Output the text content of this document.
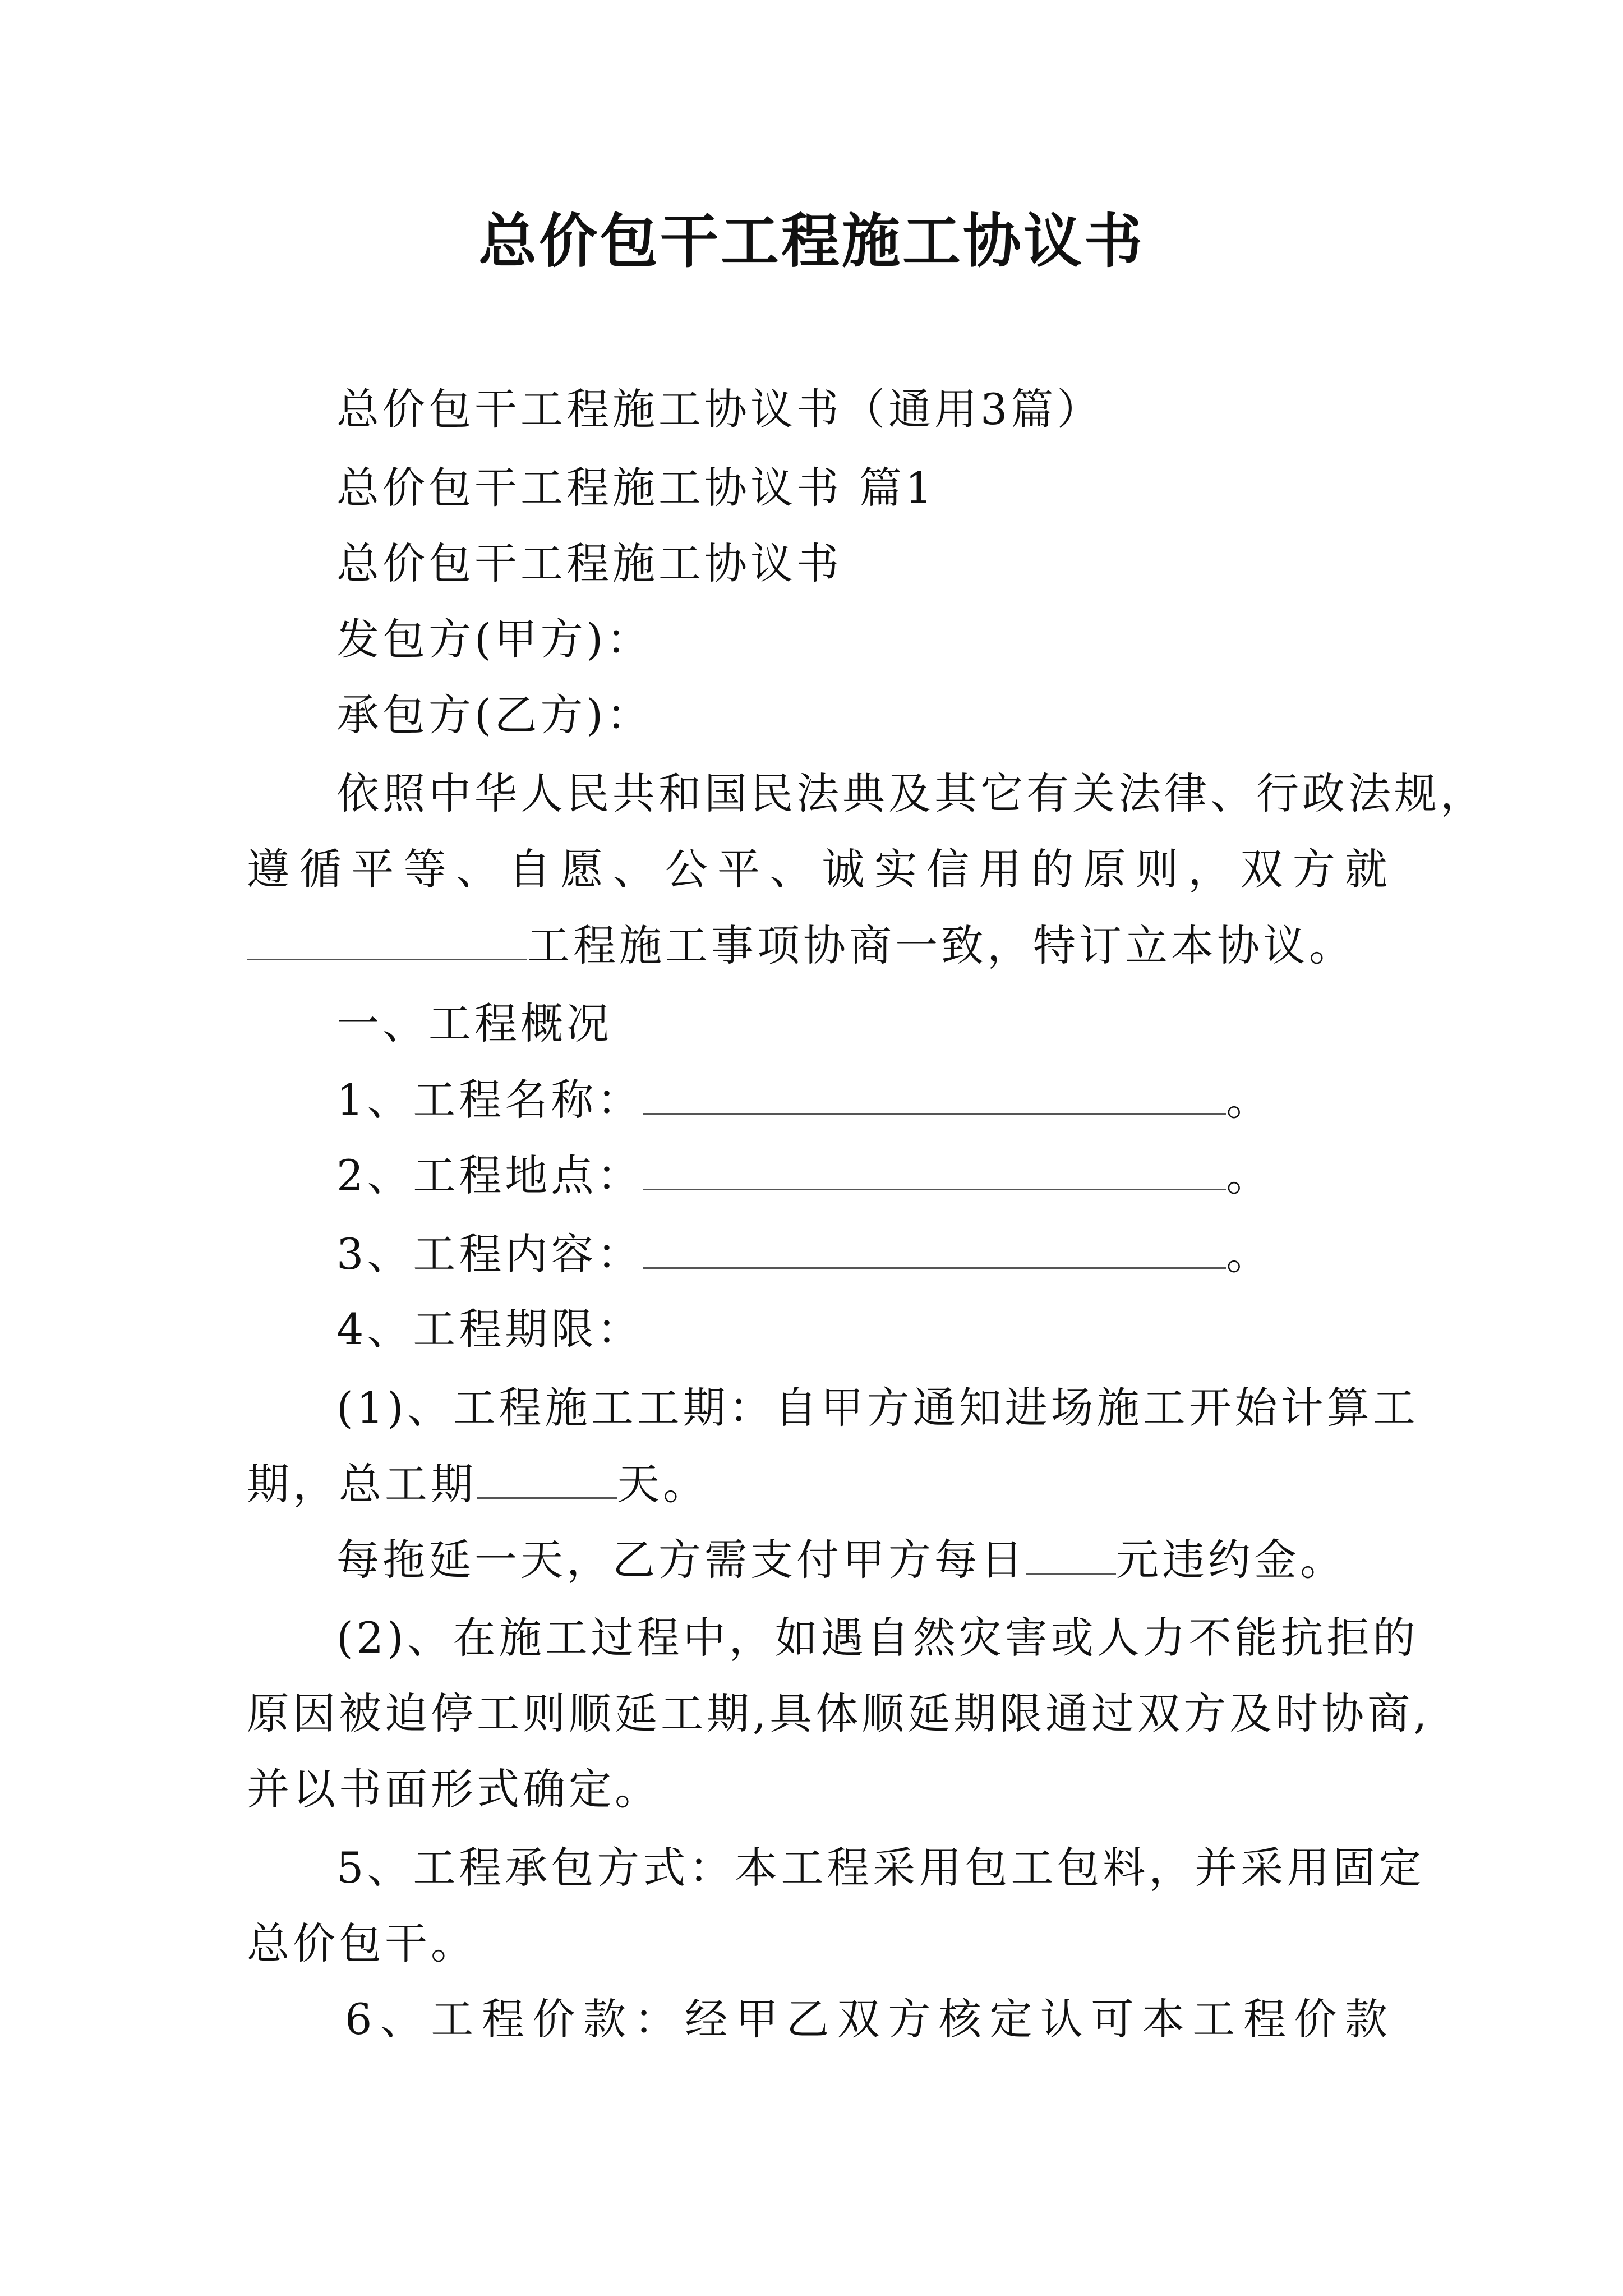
总价包干工程施工协议书
总价包干工程施工协议书（通用3篇）
总价包干工程施工协议书 篇1
总价包干工程施工协议书
发包方(甲方)：
承包方(乙方)：
依照中华人民共和国民法典及其它有关法律、行政法规，
遵循平等、自愿、公平、诚实信用的原则，双方就
工程施工事项协商一致，特订立本协议。
一、工程概况
1、工程名称：	。
2、工程地点：	。
3、工程内容：	。
4、工程期限：
(1)、工程施工工期：自甲方通知进场施工开始计算工
期，总工期	天。
每拖延一天，乙方需支付甲方每日 元违约金。
(2)、在施工过程中，如遇自然灾害或人力不能抗拒的
原因被迫停工则顺延工期,具体顺延期限通过双方及时协商,
并以书面形式确定。
5、工程承包方式：本工程采用包工包料，并采用固定
总价包干。
6、工程价款：经甲乙双方核定认可本工程价款
